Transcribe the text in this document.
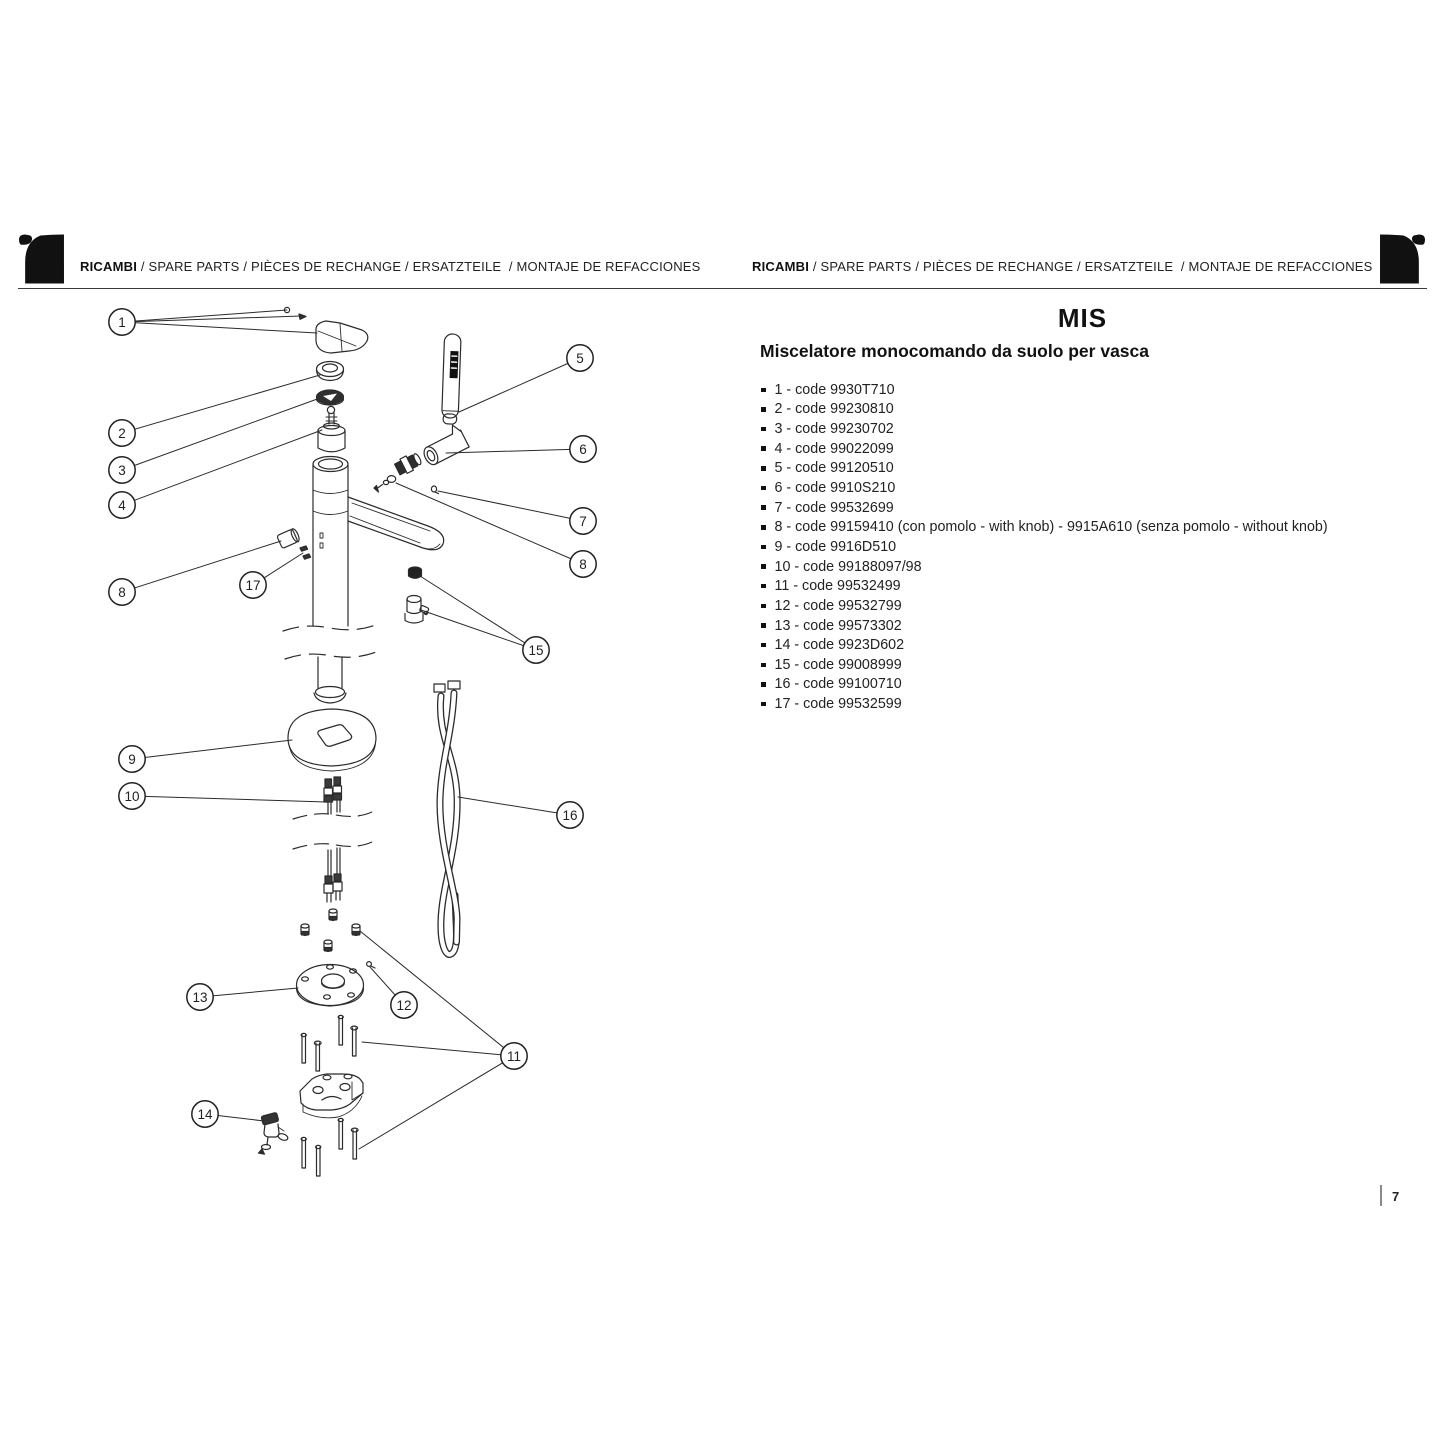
RICAMBI / SPARE PARTS / PIÈCES DE RECHANGE / ERSATZTEILE  / MONTAJE DE REFACCIONES	RICAMBI / SPARE PARTS / PIÈCES DE RECHANGE / ERSATZTEILE  / MONTAJE DE REFACCIONES
MIS
Miscelatore monocomando da suolo per vasca
1 - code 9930T710
2 - code 99230810
3 - code 99230702
4 - code 99022099
5 - code 99120510
6 - code 9910S210
7 - code 99532699
8 - code 99159410 (con pomolo - with knob) - 9915A610 (senza pomolo - without knob)
9 - code 9916D510
10 - code 99188097/98
11 - code 99532499
12 - code 99532799
13 - code 99573302
14 - code 9923D602
15 - code 99008999
16 - code 99100710
17 - code 99532599
1
2
3
4
5
6
7
8
8	17
15
9
10
16
13
12
11
14
7
